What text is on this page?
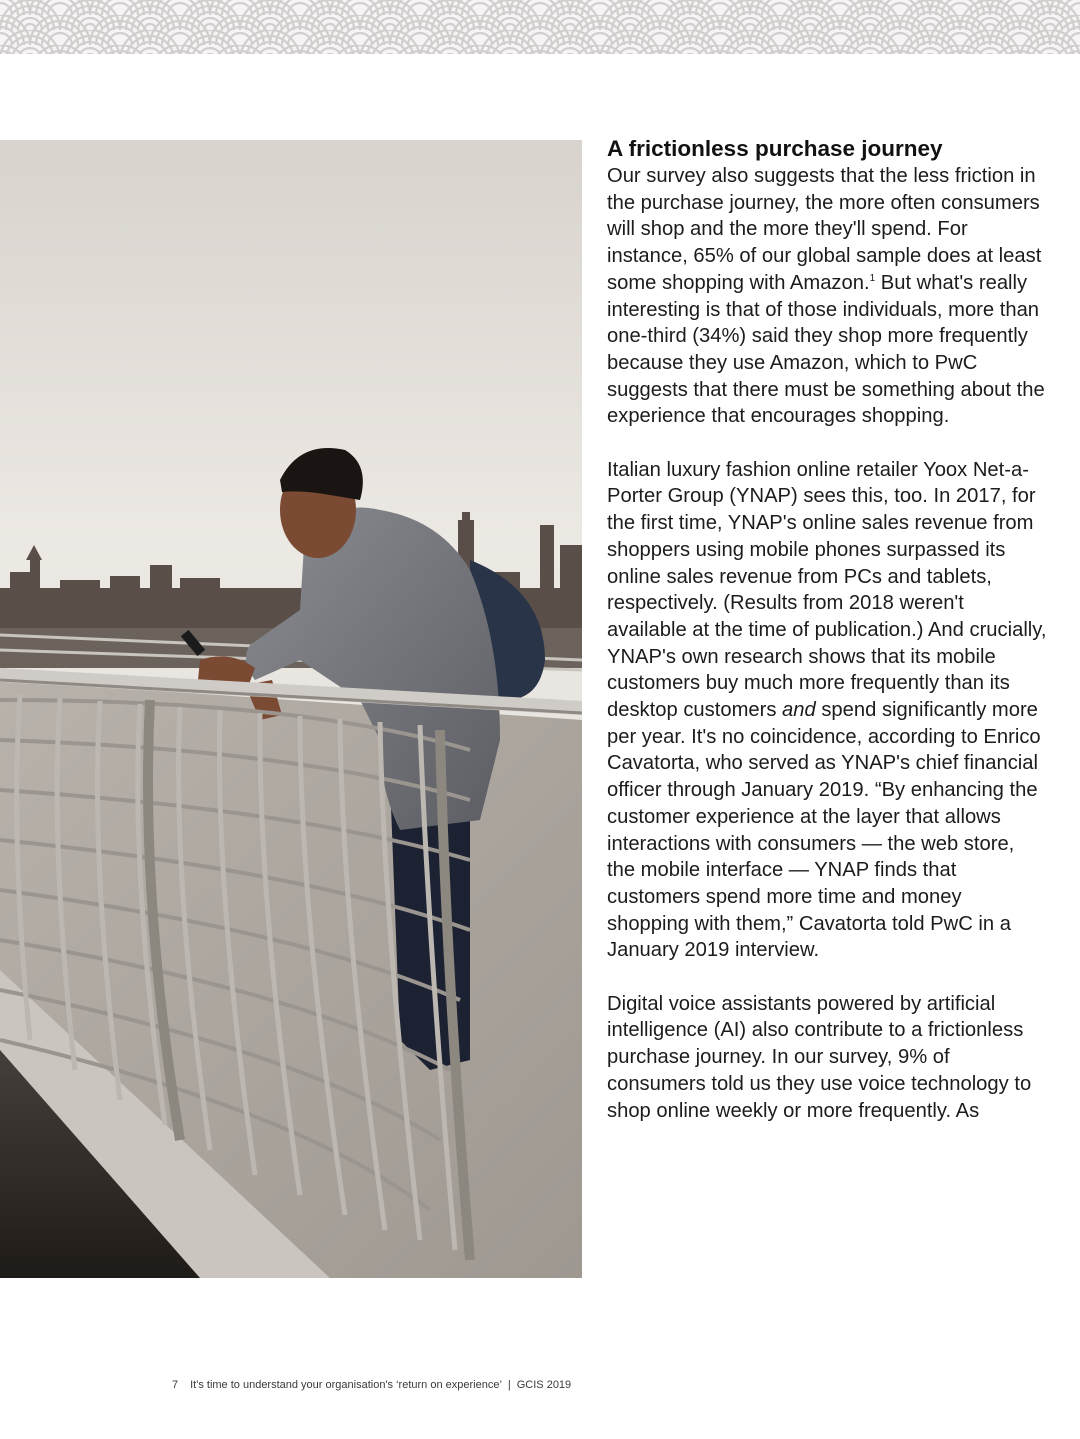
A frictionless purchase journey

Our survey also suggests that the less friction in the purchase journey, the more often consumers will shop and the more they'll spend. For instance, 65% of our global sample does at least some shopping with Amazon.$^1$ But what's really interesting is that of those individuals, more than one-third (34%) said they shop more frequently because they use Amazon, which to PwC suggests that there must be something about the experience that encourages shopping.

Italian luxury fashion online retailer Yoox Net-a-Porter Group (YNAP) sees this, too. In 2017, for the first time, YNAP's online sales revenue from shoppers using mobile phones surpassed its online sales revenue from PCs and tablets, respectively. (Results from 2018 weren't available at the time of publication.) And crucially, YNAP's own research shows that its mobile customers buy much more frequently than its desktop customers and spend significantly more per year. It's no coincidence, according to Enrico Cavatorta, who served as YNAP's chief financial officer through January 2019. “By enhancing the customer experience at the layer that allows interactions with consumers — the web store, the mobile interface — YNAP finds that customers spend more time and money shopping with them,” Cavatorta told PwC in a January 2019 interview.

Digital voice assistants powered by artificial intelligence (AI) also contribute to a frictionless purchase journey. In our survey, 9% of consumers told us they use voice technology to shop online weekly or more frequently. As

7 It's time to understand your organisation's ‘return on experience’ | GCIS 2019
